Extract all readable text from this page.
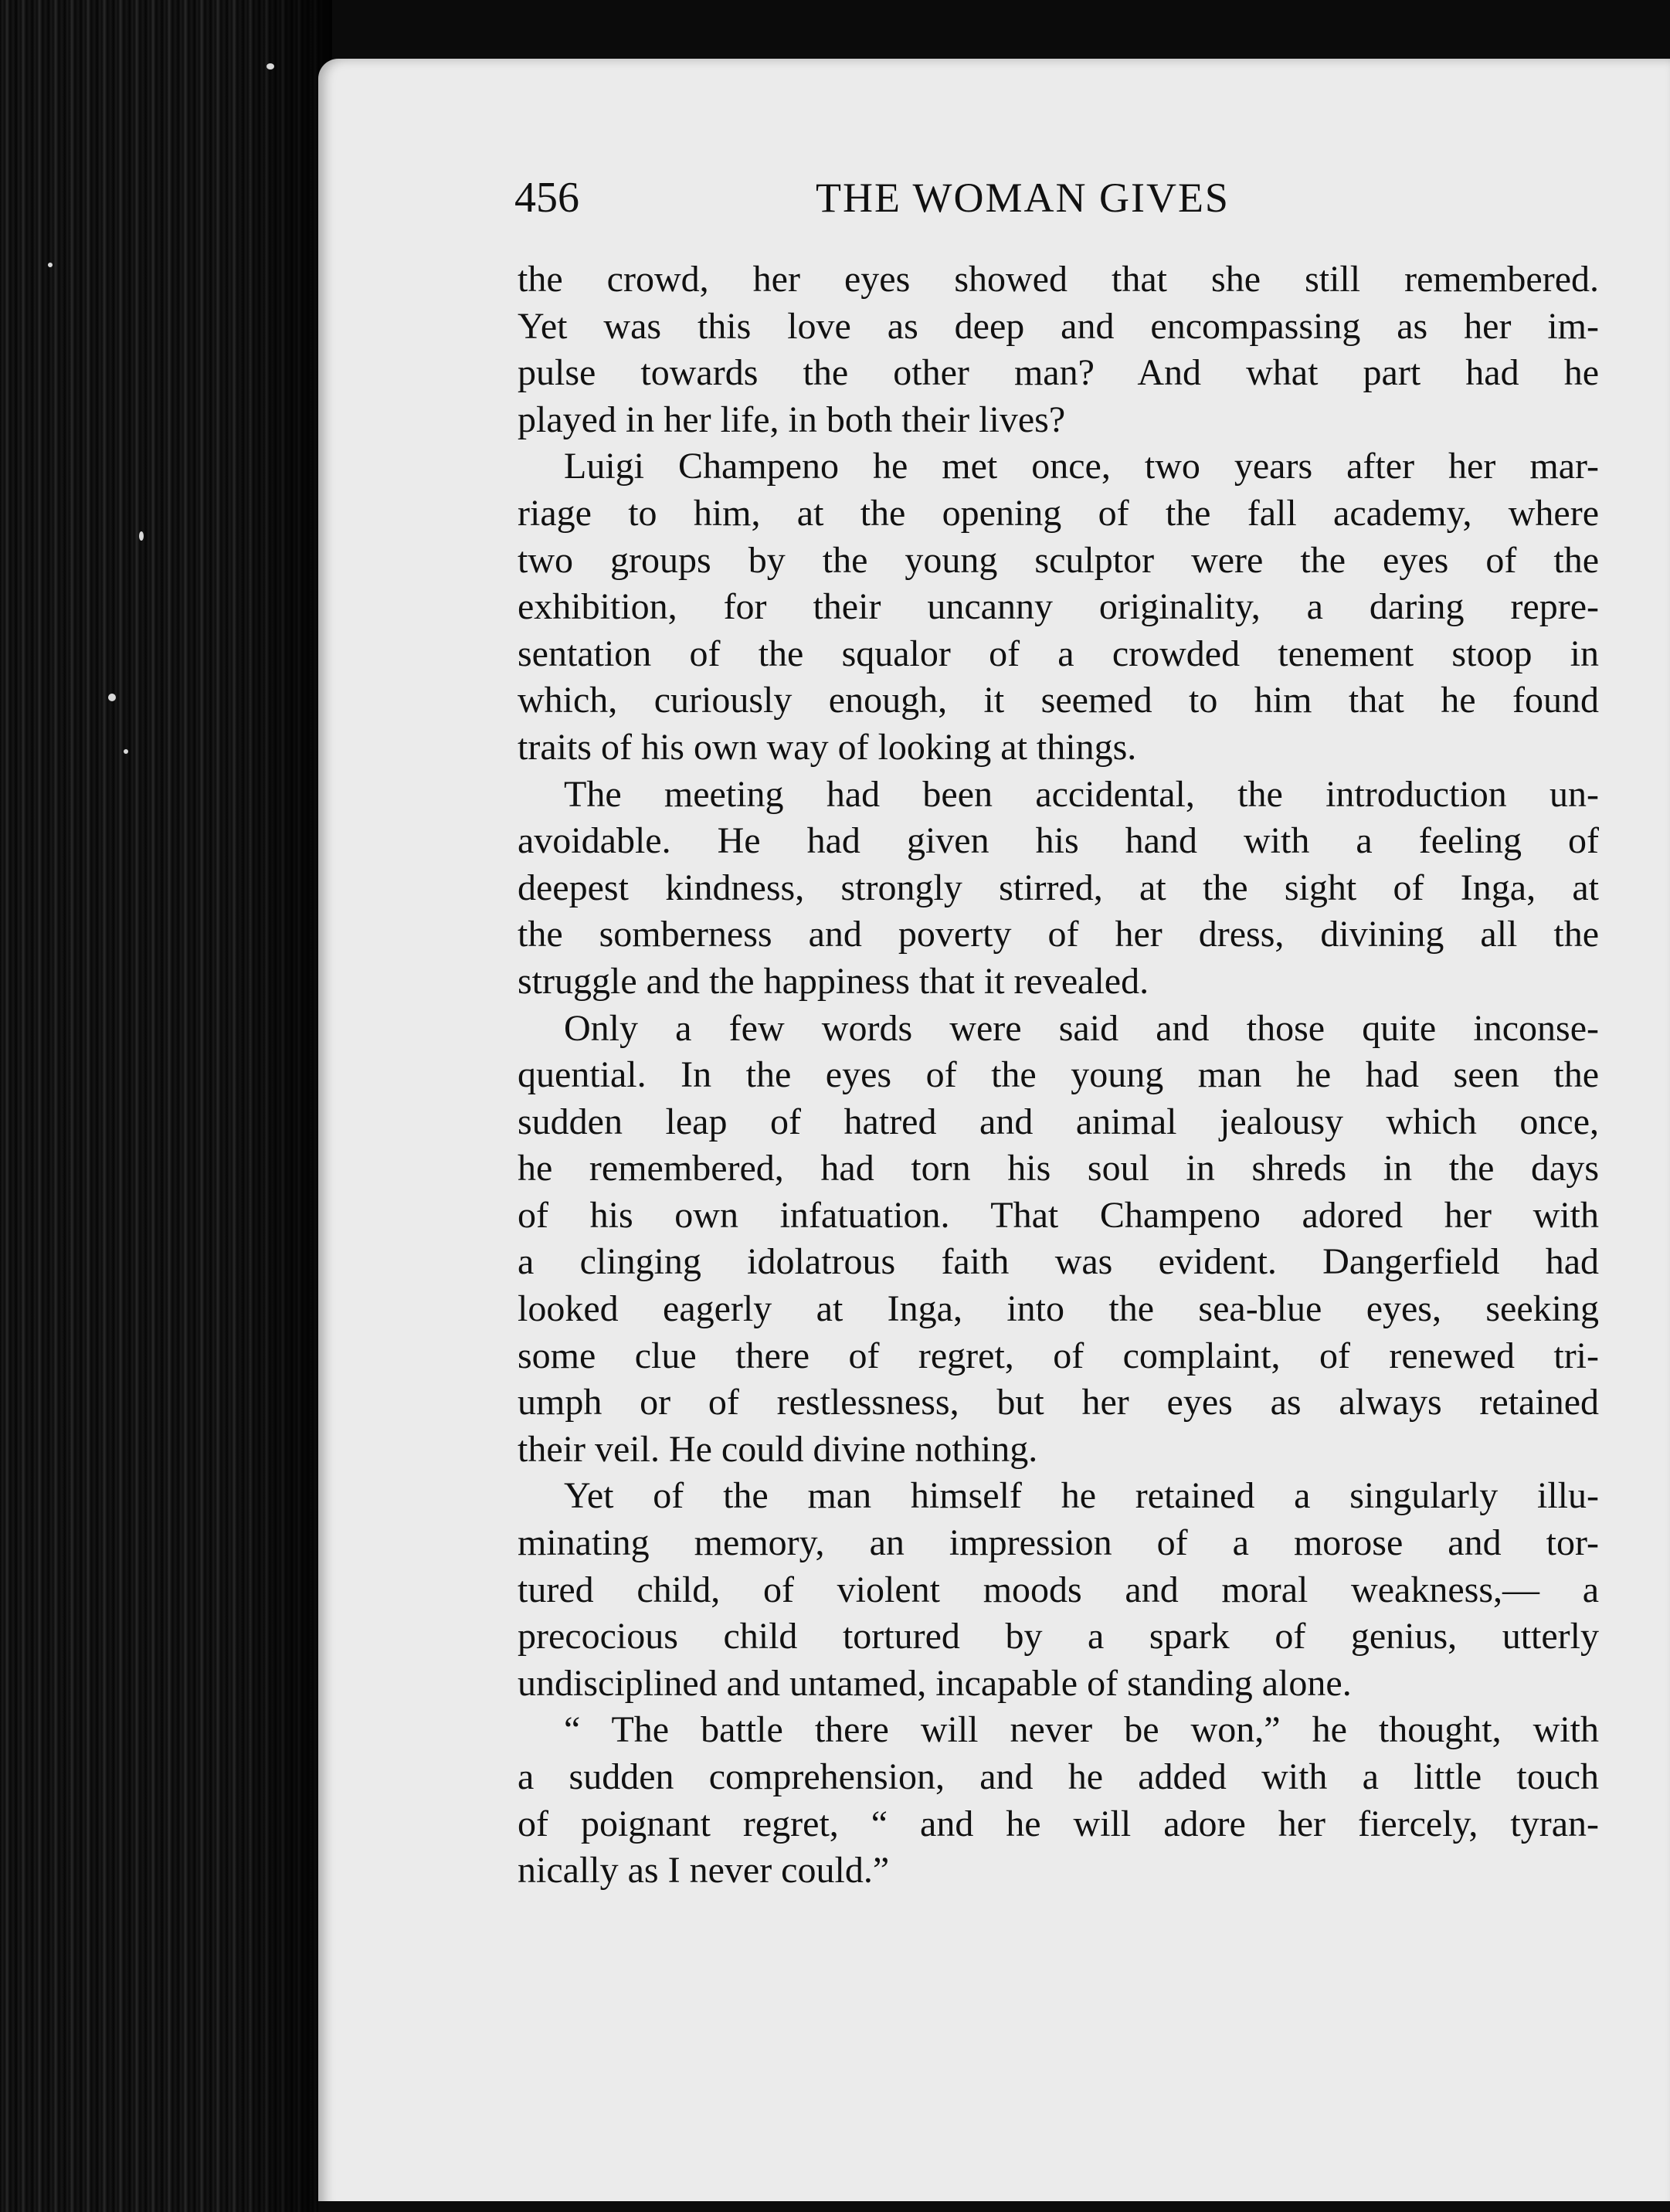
456	THE WOMAN GIVES
the crowd, her eyes showed that she still remembered.
Yet was this love as deep and encompassing as her im-
pulse towards the other man? And what part had he
played in her life, in both their lives?
Luigi Champeno he met once, two years after her mar-
riage to him, at the opening of the fall academy, where
two groups by the young sculptor were the eyes of the
exhibition, for their uncanny originality, a daring repre-
sentation of the squalor of a crowded tenement stoop in
which, curiously enough, it seemed to him that he found
traits of his own way of looking at things.
The meeting had been accidental, the introduction un-
avoidable. He had given his hand with a feeling of
deepest kindness, strongly stirred, at the sight of Inga, at
the somberness and poverty of her dress, divining all the
struggle and the happiness that it revealed.
Only a few words were said and those quite inconse-
quential. In the eyes of the young man he had seen the
sudden leap of hatred and animal jealousy which once,
he remembered, had torn his soul in shreds in the days
of his own infatuation. That Champeno adored her with
a clinging idolatrous faith was evident. Dangerfield had
looked eagerly at Inga, into the sea-blue eyes, seeking
some clue there of regret, of complaint, of renewed tri-
umph or of restlessness, but her eyes as always retained
their veil. He could divine nothing.
Yet of the man himself he retained a singularly illu-
minating memory, an impression of a morose and tor-
tured child, of violent moods and moral weakness,— a
precocious child tortured by a spark of genius, utterly
undisciplined and untamed, incapable of standing alone.
“ The battle there will never be won,” he thought, with
a sudden comprehension, and he added with a little touch
of poignant regret, “ and he will adore her fiercely, tyran-
nically as I never could.”
